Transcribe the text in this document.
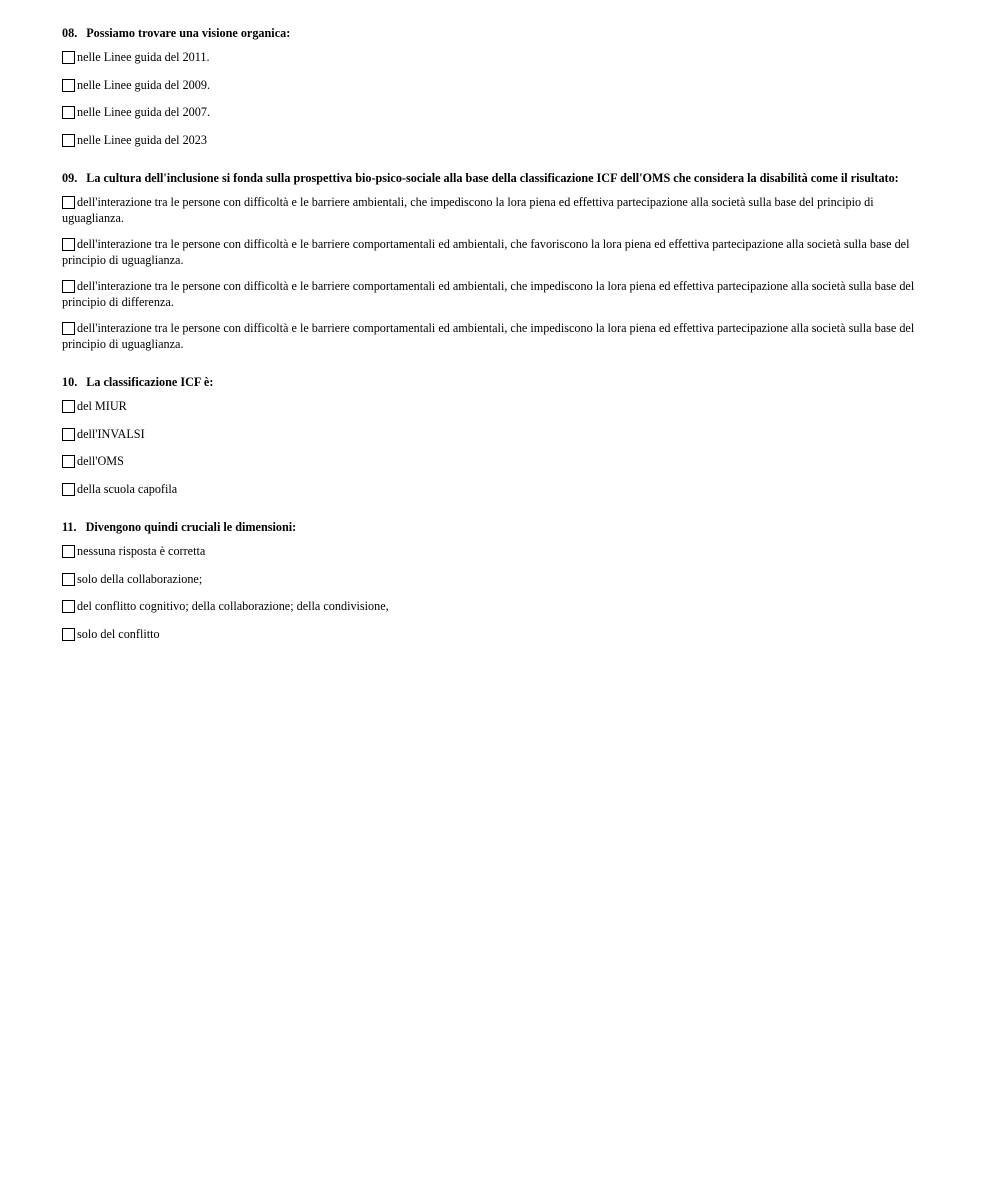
08. Possiamo trovare una visione organica:
nelle Linee guida del 2011.
nelle Linee guida del 2009.
nelle Linee guida del 2007.
nelle Linee guida del 2023
09. La cultura dell'inclusione si fonda sulla prospettiva bio-psico-sociale alla base della classificazione ICF dell'OMS che considera la disabilità come il risultato:
dell'interazione tra le persone con difficoltà e le barriere ambientali, che impediscono la lora piena ed effettiva partecipazione alla società sulla base del principio di uguaglianza.
dell'interazione tra le persone con difficoltà e le barriere comportamentali ed ambientali, che favoriscono la lora piena ed effettiva partecipazione alla società sulla base del principio di uguaglianza.
dell'interazione tra le persone con difficoltà e le barriere comportamentali ed ambientali, che impediscono la lora piena ed effettiva partecipazione alla società sulla base del principio di differenza.
dell'interazione tra le persone con difficoltà e le barriere comportamentali ed ambientali, che impediscono la lora piena ed effettiva partecipazione alla società sulla base del principio di uguaglianza.
10. La classificazione ICF è:
del MIUR
dell'INVALSI
dell'OMS
della scuola capofila
11. Divengono quindi cruciali le dimensioni:
nessuna risposta è corretta
solo della collaborazione;
del conflitto cognitivo; della collaborazione; della condivisione,
solo del conflitto
